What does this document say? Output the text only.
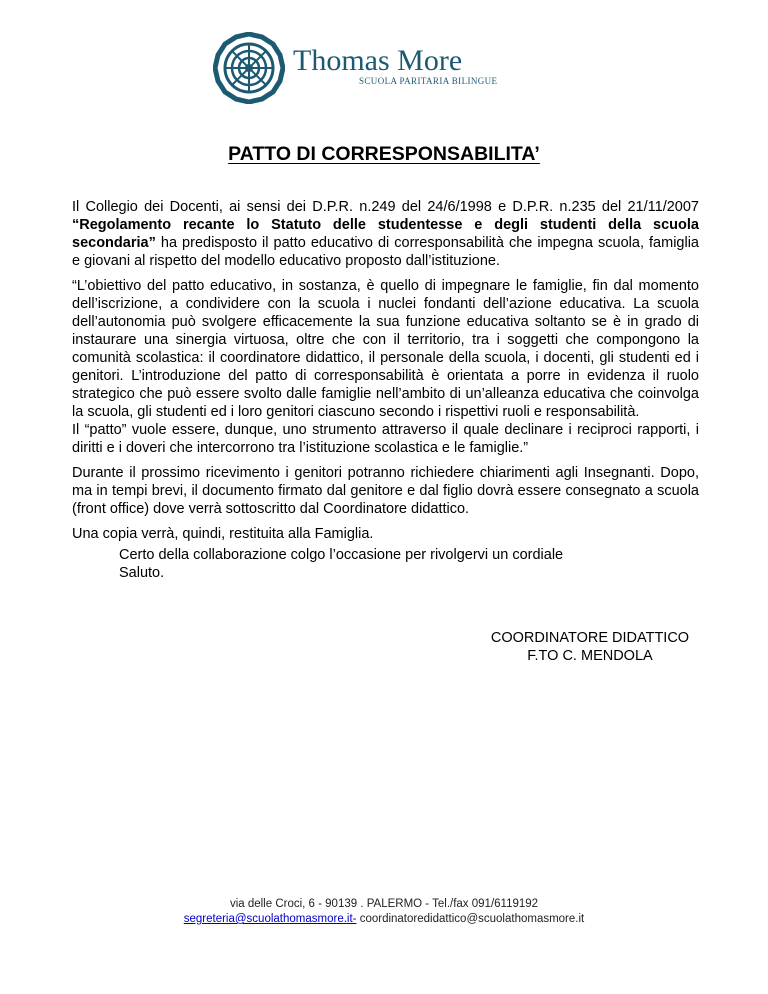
Thomas More
SCUOLA PARITARIA BILINGUE
PATTO DI CORRESPONSABILITA’

Il Collegio dei Docenti, ai sensi dei D.P.R. n.249 del 24/6/1998 e D.P.R. n.235 del 21/11/2007 “Regolamento recante lo Statuto delle studentesse e degli studenti della scuola secondaria” ha predisposto il patto educativo di corresponsabilità che impegna scuola, famiglia e giovani al rispetto del modello educativo proposto dall’istituzione.

“L’obiettivo del patto educativo, in sostanza, è quello di impegnare le famiglie, fin dal momento dell’iscrizione, a condividere con la scuola i nuclei fondanti dell’azione educativa. La scuola dell’autonomia può svolgere efficacemente la sua funzione educativa soltanto se è in grado di instaurare una sinergia virtuosa, oltre che con il territorio, tra i soggetti che compongono la comunità scolastica: il coordinatore didattico, il personale della scuola, i docenti, gli studenti ed i genitori. L’introduzione del patto di corresponsabilità è orientata a porre in evidenza il ruolo strategico che può essere svolto dalle famiglie nell’ambito di un’alleanza educativa che coinvolga la scuola, gli studenti ed i loro genitori ciascuno secondo i rispettivi ruoli e responsabilità.
Il “patto” vuole essere, dunque, uno strumento attraverso il quale declinare i reciproci rapporti, i diritti e i doveri che intercorrono tra l’istituzione scolastica e le famiglie.”

Durante il prossimo ricevimento i genitori potranno richiedere chiarimenti agli Insegnanti. Dopo, ma in tempi brevi, il documento firmato dal genitore e dal figlio dovrà essere consegnato a scuola (front office) dove verrà sottoscritto dal Coordinatore didattico.

Una copia verrà, quindi, restituita alla Famiglia.

Certo della collaborazione colgo l’occasione per rivolgervi un cordiale
Saluto.
COORDINATORE DIDATTICO
F.TO C. MENDOLA
via delle Croci, 6 - 90139 . PALERMO - Tel./fax 091/6119192
segreteria@scuolathomasmore.it- coordinatoredidattico@scuolathomasmore.it
